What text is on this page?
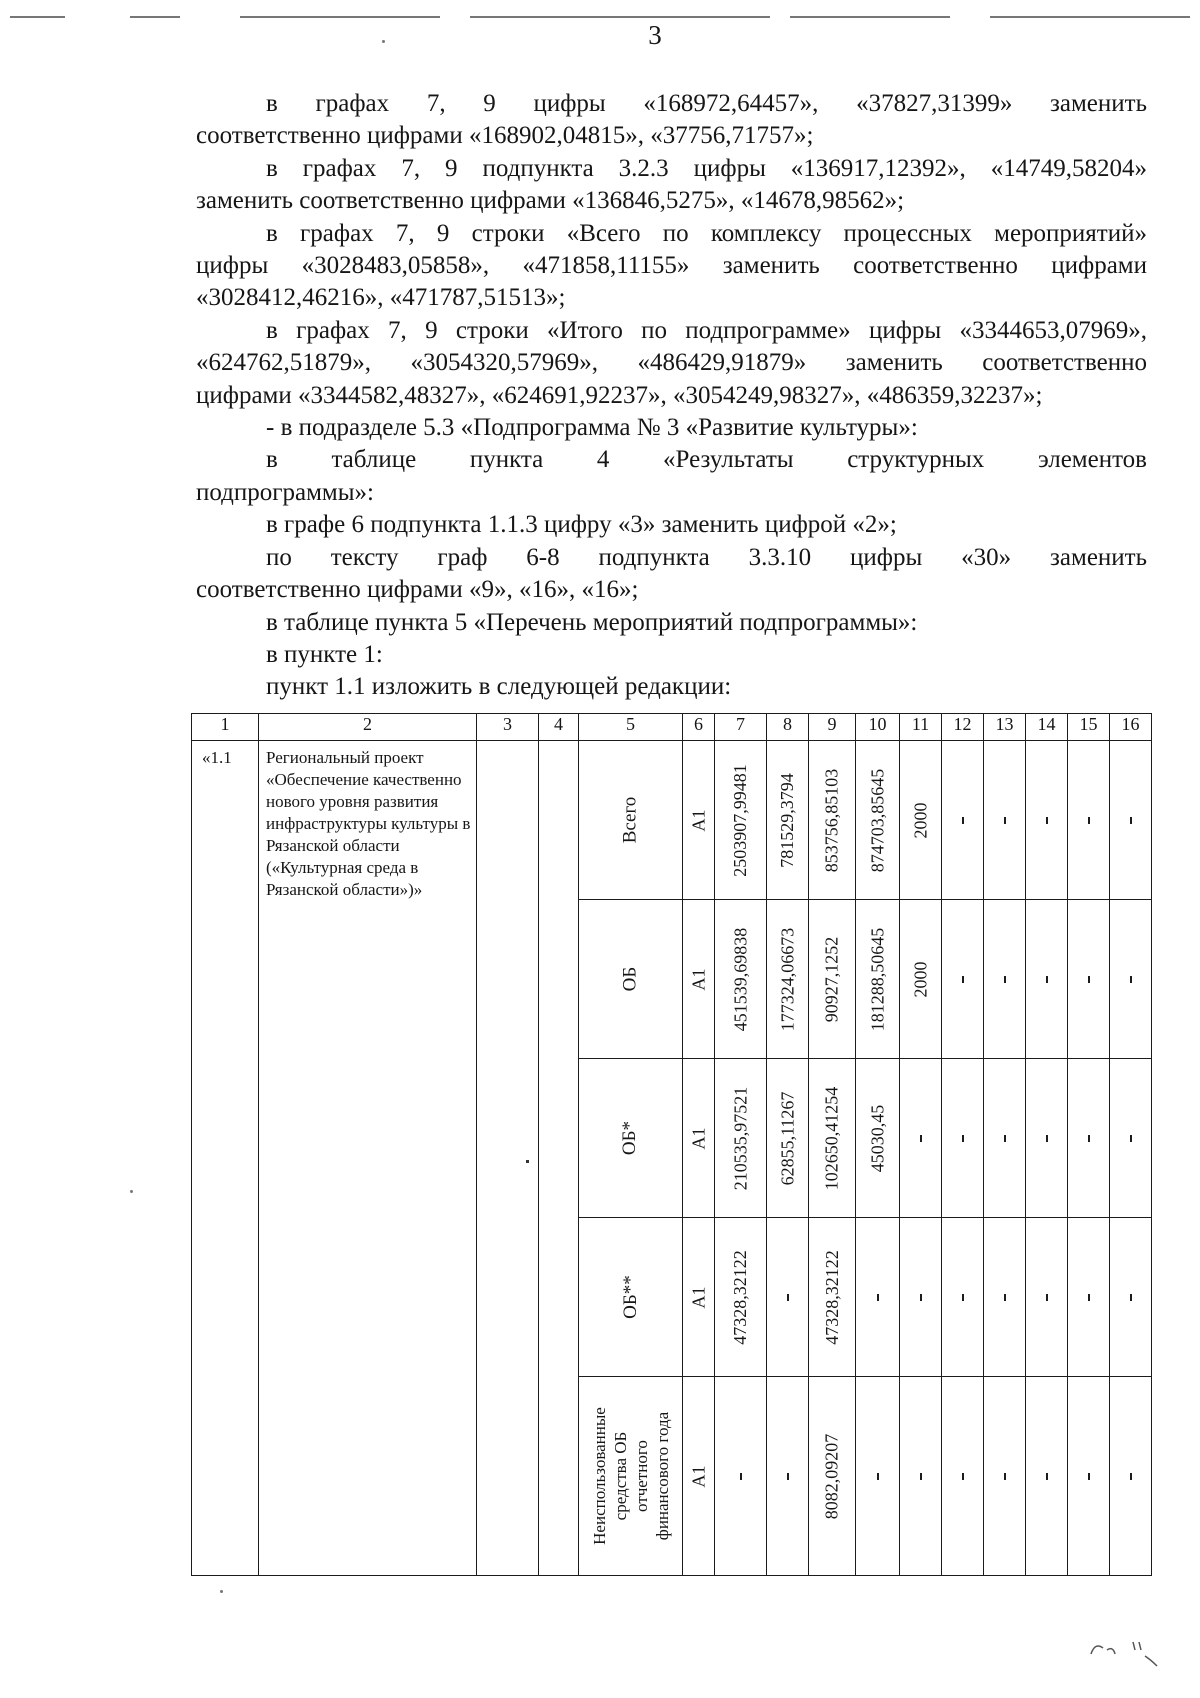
3
в графах 7, 9 цифры «168972,64457», «37827,31399» заменить
соответственно цифрами «168902,04815», «37756,71757»;
в графах 7, 9 подпункта 3.2.3 цифры «136917,12392», «14749,58204»
заменить соответственно цифрами «136846,5275», «14678,98562»;
в графах 7, 9 строки «Всего по комплексу процессных мероприятий»
цифры «3028483,05858», «471858,11155» заменить соответственно цифрами
«3028412,46216», «471787,51513»;
в графах 7, 9 строки «Итого по подпрограмме» цифры «3344653,07969»,
«624762,51879», «3054320,57969», «486429,91879» заменить соответственно
цифрами «3344582,48327», «624691,92237», «3054249,98327», «486359,32237»;
- в подразделе 5.3 «Подпрограмма № 3 «Развитие культуры»:
в таблице пункта 4 «Результаты структурных элементов
подпрограммы»:
в графе 6 подпункта 1.1.3 цифру «3» заменить цифрой «2»;
по тексту граф 6-8 подпункта 3.3.10 цифры «30» заменить
соответственно цифрами «9», «16», «16»;
в таблице пункта 5 «Перечень мероприятий подпрограммы»:
в пункте 1:
пункт 1.1 изложить в следующей редакции:
1	2	3	4	5	6	7	8	9	10	11	12	13	14	15	16
«1.1	Региональный проект «Обеспечение качественно нового уровня развития инфраструктуры культуры в Рязанской области («Культурная среда в Рязанской области»)»			Всего	А1	2503907,99481	781529,3794	853756,85103	874703,85645	2000					

				ОБ	А1	451539,69838	177324,06673	90927,1252	181288,50645	2000					

				ОБ*	А1	210535,97521	62855,11267	102650,41254	45030,45						

				ОБ**	А1	47328,32122		47328,32122							

				Неиспользованные средства ОБ отчетного финансового года	А1			8082,09207							
